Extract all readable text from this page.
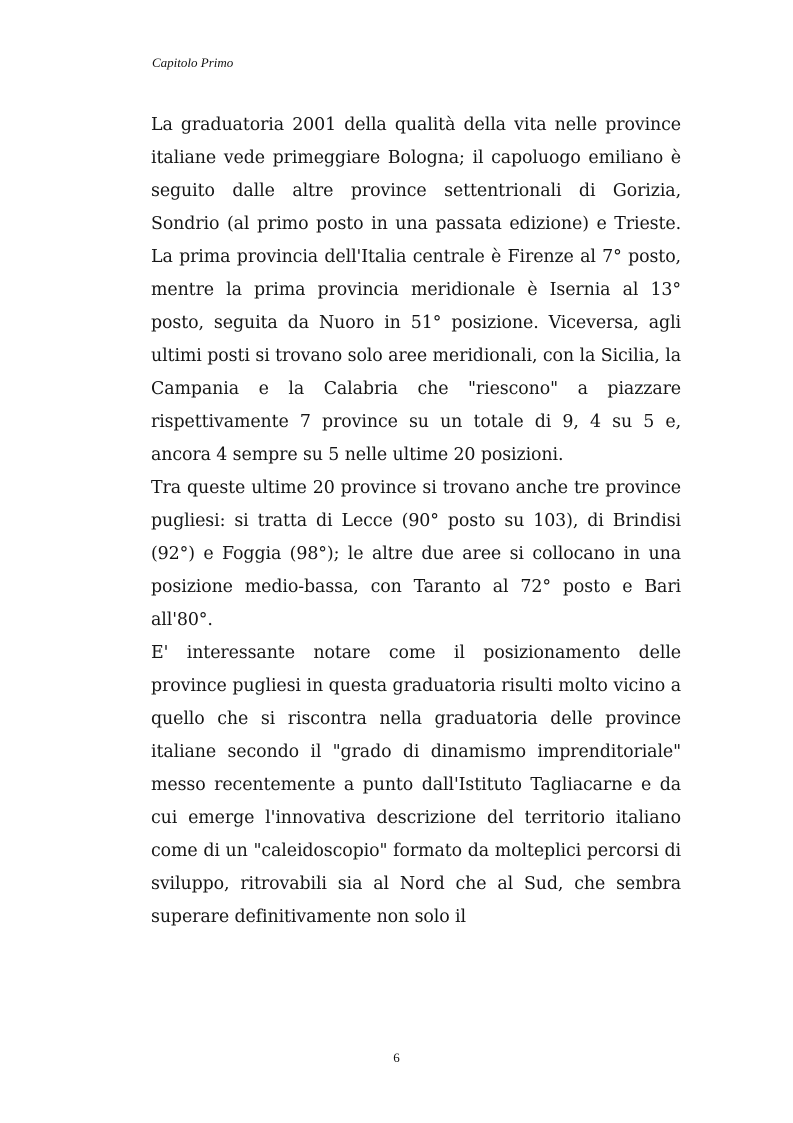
Capitolo Primo

La graduatoria 2001 della qualità della vita nelle province italiane vede primeggiare Bologna; il capoluogo emiliano è seguito dalle altre province settentrionali di Gorizia, Sondrio (al primo posto in una passata edizione) e Trieste. La prima provincia dell'Italia centrale è Firenze al 7° posto, mentre la prima provincia meridionale è Isernia al 13° posto, seguita da Nuoro in 51° posizione. Viceversa, agli ultimi posti si trovano solo aree meridionali, con la Sicilia, la Campania e la Calabria che "riescono" a piazzare rispettivamente 7 province su un totale di 9, 4 su 5 e, ancora 4 sempre su 5 nelle ultime 20 posizioni.

Tra queste ultime 20 province si trovano anche tre province pugliesi: si tratta di Lecce (90° posto su 103), di Brindisi (92°) e Foggia (98°); le altre due aree si collocano in una posizione medio-bassa, con Taranto al 72° posto e Bari all'80°.

E' interessante notare come il posizionamento delle province pugliesi in questa graduatoria risulti molto vicino a quello che si riscontra nella graduatoria delle province italiane secondo il "grado di dinamismo imprenditoriale" messo recentemente a punto dall'Istituto Tagliacarne e da cui emerge l'innovativa descrizione del territorio italiano come di un "caleidoscopio" formato da molteplici percorsi di sviluppo, ritrovabili sia al Nord che al Sud, che sembra superare definitivamente non solo il

6
